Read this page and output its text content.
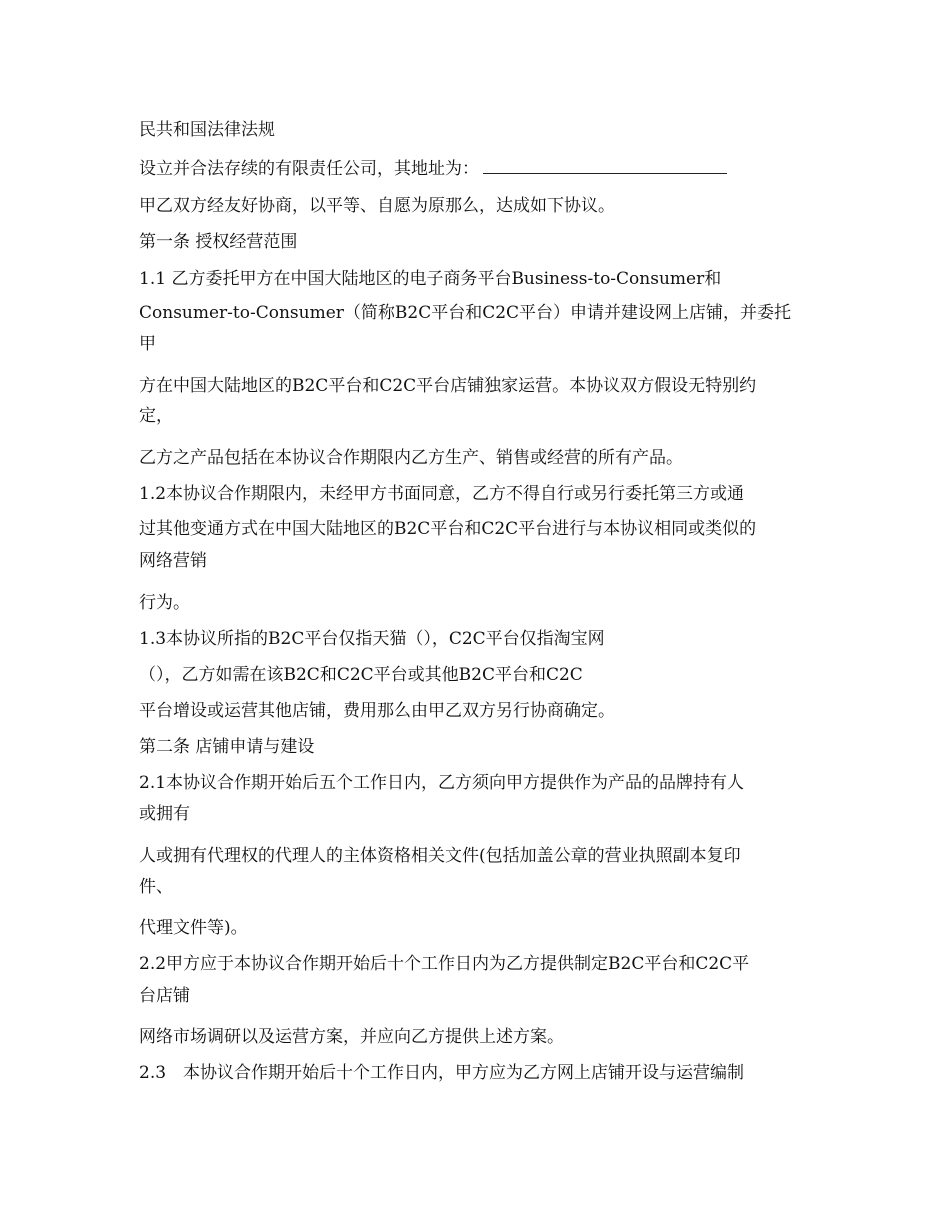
民共和国法律法规
设立并合法存续的有限责任公司，其地址为：
甲乙双方经友好协商，以平等、自愿为原那么，达成如下协议。
第一条 授权经营范围
1.1 乙方委托甲方在中国大陆地区的电子商务平台Business-to-Consumer和
Consumer-to-Consumer（简称B2C平台和C2C平台）申请并建设网上店铺，并委托
甲
方在中国大陆地区的B2C平台和C2C平台店铺独家运营。本协议双方假设无特别约
定，
乙方之产品包括在本协议合作期限内乙方生产、销售或经营的所有产品。
1.2本协议合作期限内，未经甲方书面同意，乙方不得自行或另行委托第三方或通
过其他变通方式在中国大陆地区的B2C平台和C2C平台进行与本协议相同或类似的
网络营销
行为。
1.3本协议所指的B2C平台仅指天猫（），C2C平台仅指淘宝网
（），乙方如需在该B2C和C2C平台或其他B2C平台和C2C
平台增设或运营其他店铺，费用那么由甲乙双方另行协商确定。
第二条 店铺申请与建设
2.1本协议合作期开始后五个工作日内，乙方须向甲方提供作为产品的品牌持有人
或拥有
人或拥有代理权的代理人的主体资格相关文件(包括加盖公章的营业执照副本复印
件、
代理文件等)。
2.2甲方应于本协议合作期开始后十个工作日内为乙方提供制定B2C平台和C2C平
台店铺
网络市场调研以及运营方案，并应向乙方提供上述方案。
2.3　本协议合作期开始后十个工作日内，甲方应为乙方网上店铺开设与运营编制
